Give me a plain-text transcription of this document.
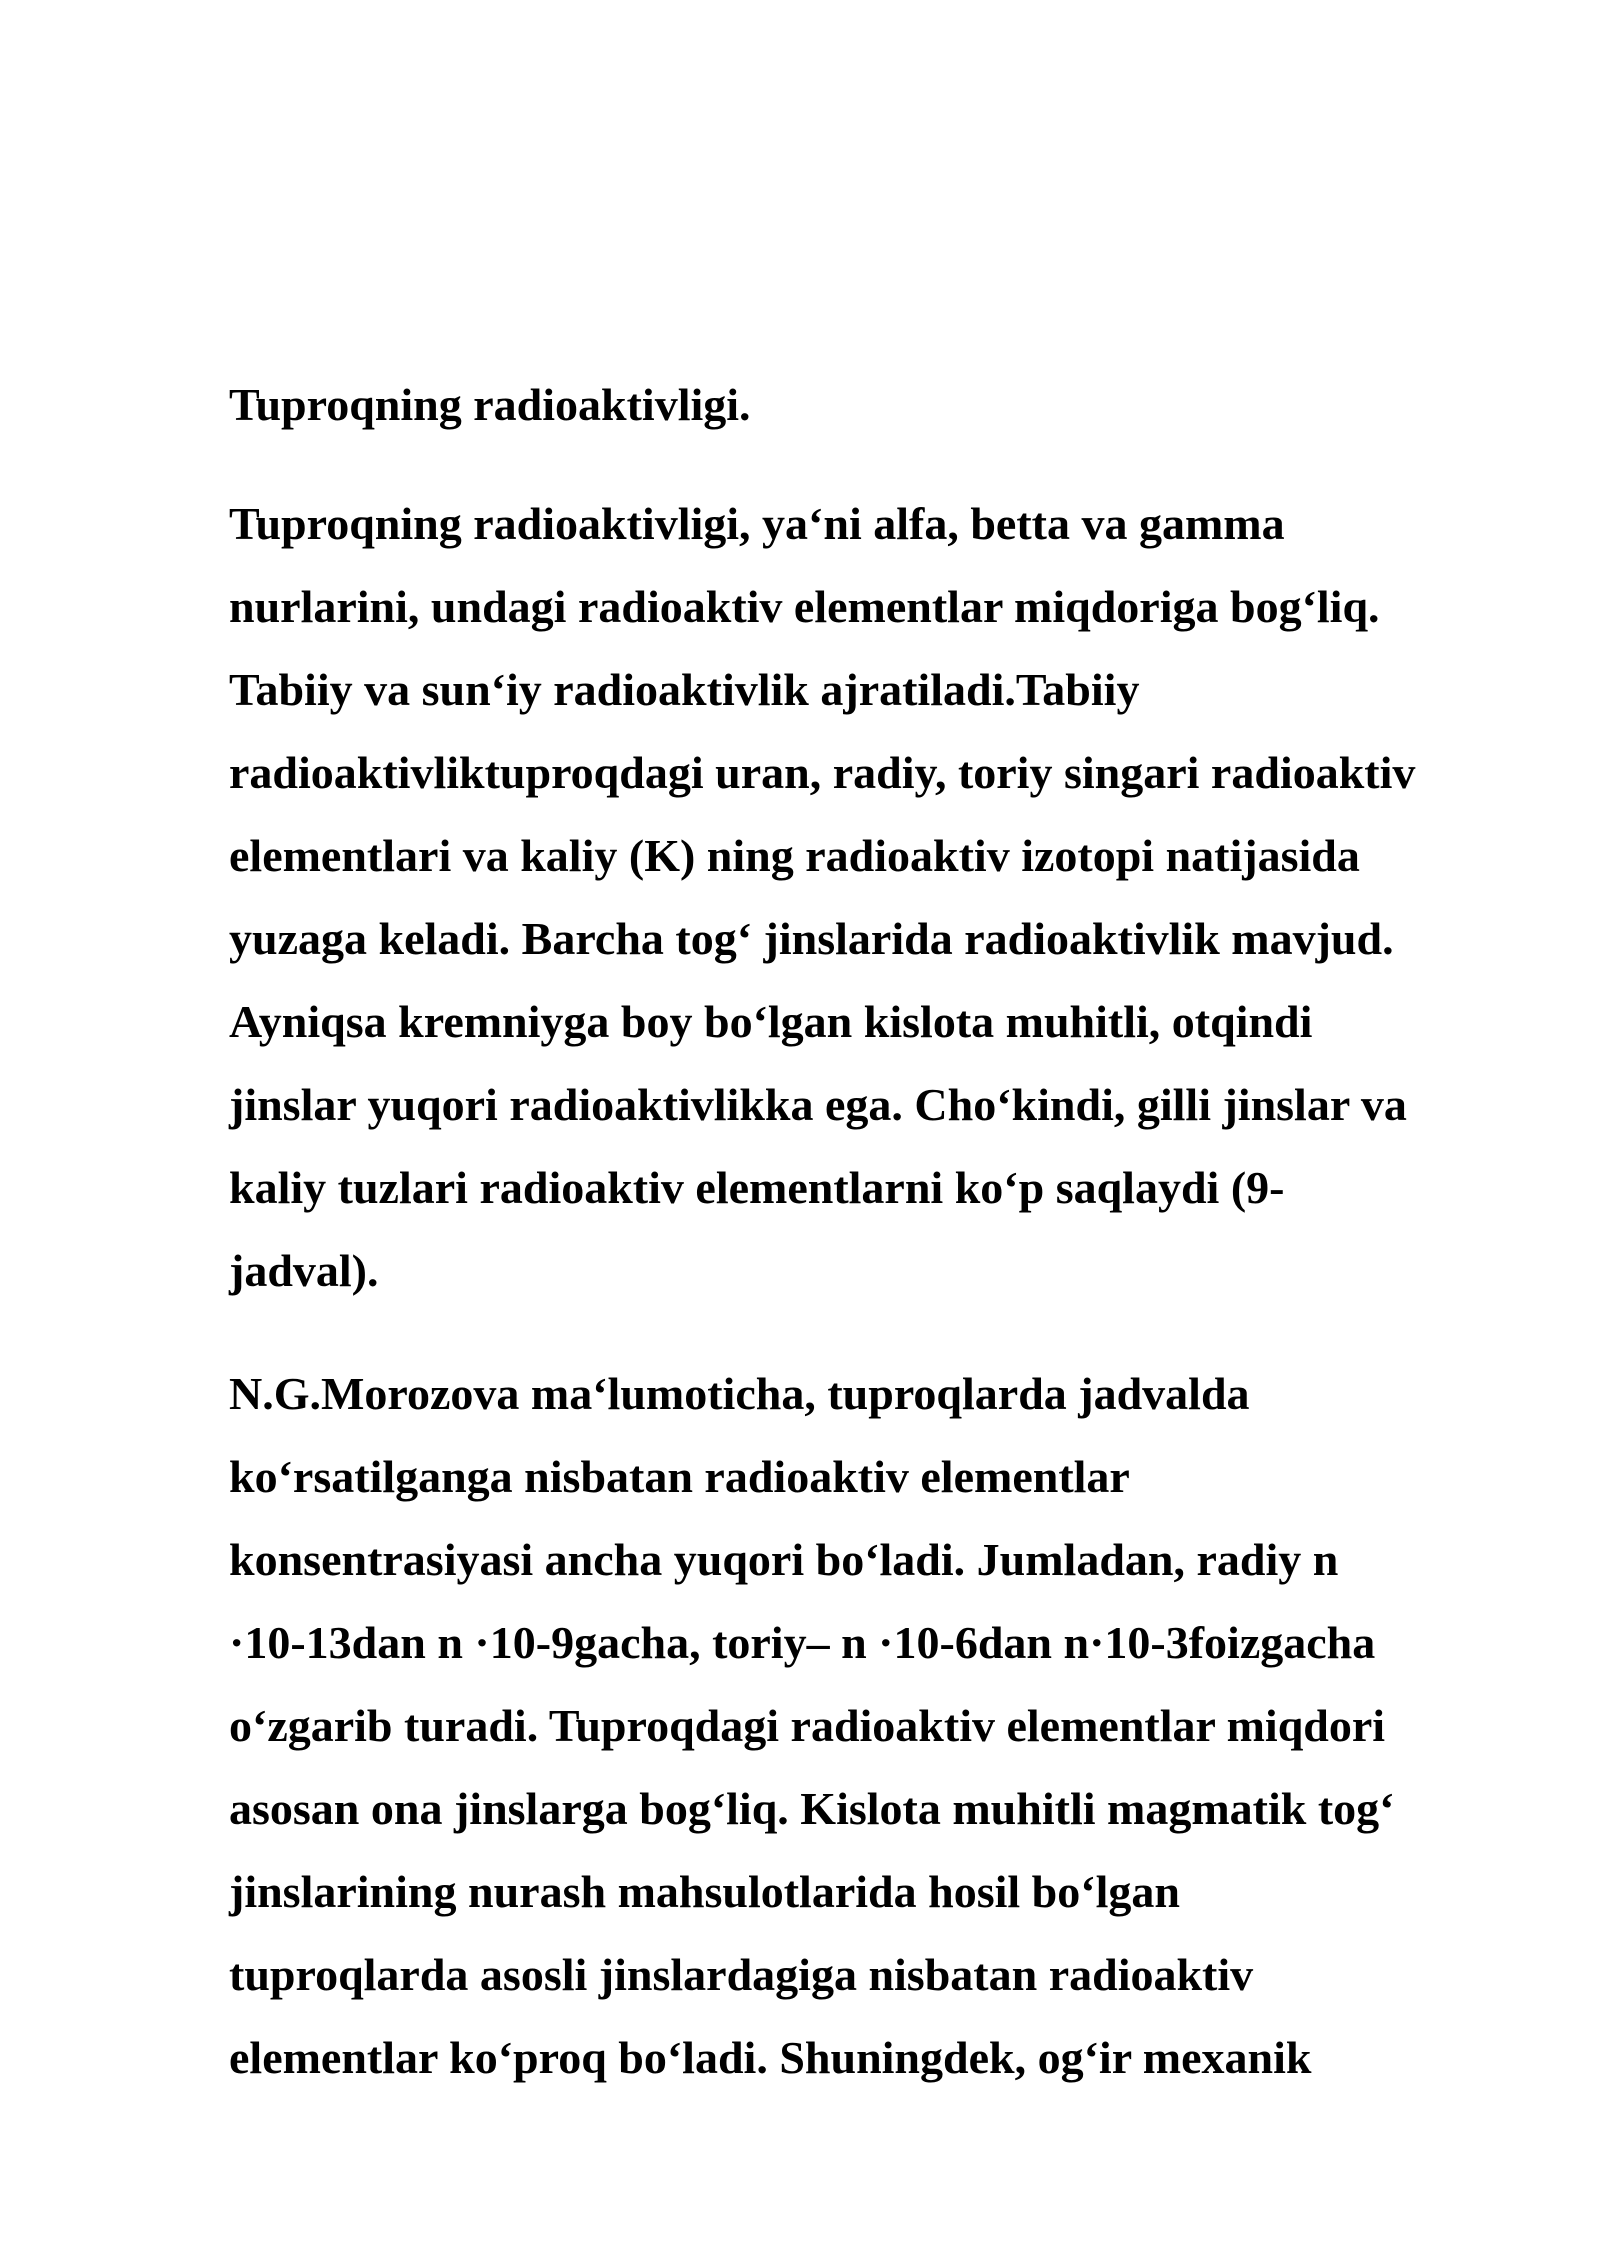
Tuproqning radioaktivligi.
Tuproqning radioaktivligi, ya‘ni alfa, betta va gamma
nurlarini, undagi radioaktiv elementlar miqdoriga bog‘liq.
Tabiiy va sun‘iy radioaktivlik ajratiladi.Tabiiy
radioaktivliktuproqdagi uran, radiy, toriy singari radioaktiv
elementlari va kaliy (K) ning radioaktiv izotopi natijasida
yuzaga keladi. Barcha tog‘ jinslarida radioaktivlik mavjud.
Ayniqsa kremniyga boy bo‘lgan kislota muhitli, otqindi
jinslar yuqori radioaktivlikka ega. Cho‘kindi, gilli jinslar va
kaliy tuzlari radioaktiv elementlarni ko‘p saqlaydi (9-
jadval).
N.G.Morozova ma‘lumoticha, tuproqlarda jadvalda
ko‘rsatilganga nisbatan radioaktiv elementlar
konsentrasiyasi ancha yuqori bo‘ladi. Jumladan, radiy n
·10-13dan n ·10-9gacha, toriy– n ·10-6dan n·10-3foizgacha
o‘zgarib turadi. Tuproqdagi radioaktiv elementlar miqdori
asosan ona jinslarga bog‘liq. Kislota muhitli magmatik tog‘
jinslarining nurash mahsulotlarida hosil bo‘lgan
tuproqlarda asosli jinslardagiga nisbatan radioaktiv
elementlar ko‘proq bo‘ladi. Shuningdek, og‘ir mexanik
